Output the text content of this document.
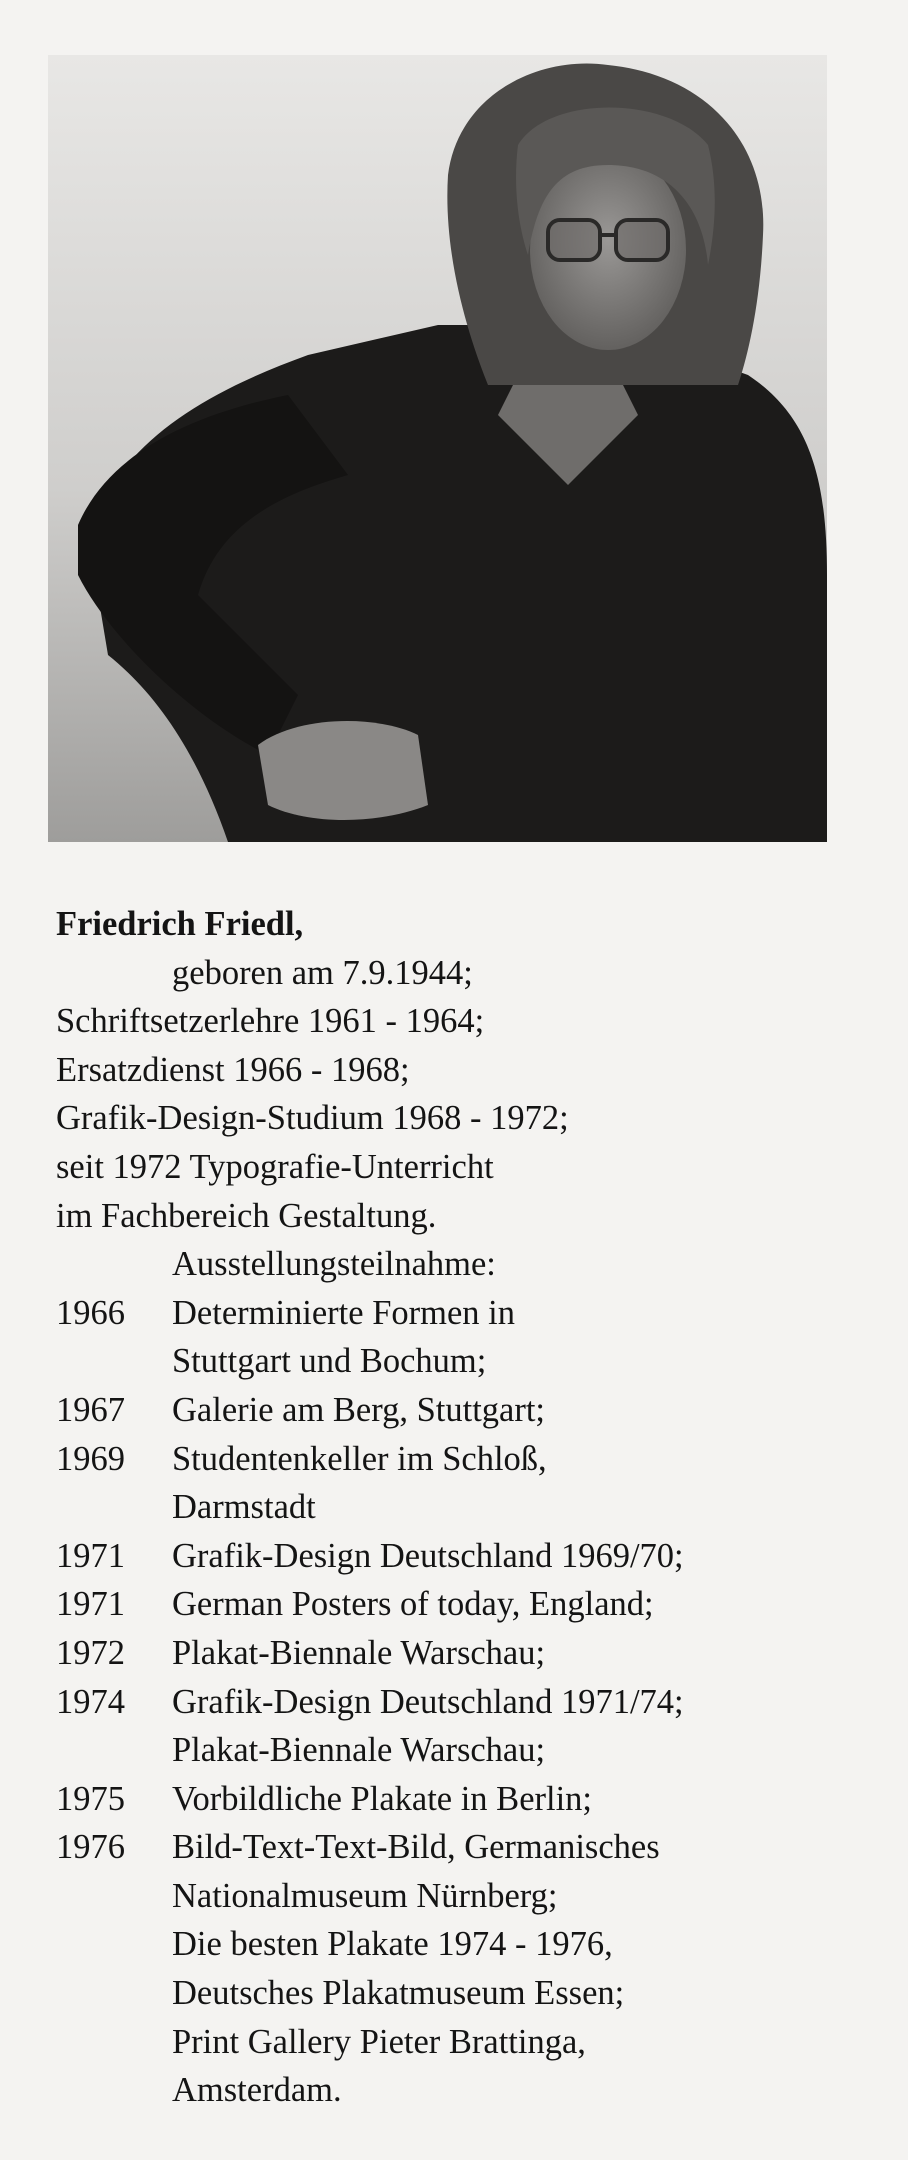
Friedrich Friedl,
geboren am 7.9.1944;
Schriftsetzerlehre 1961 - 1964;
Ersatzdienst 1966 - 1968;
Grafik-Design-Studium 1968 - 1972;
seit 1972 Typografie-Unterricht
im Fachbereich Gestaltung.
Ausstellungsteilnahme:
1966 Determinierte Formen in
Stuttgart und Bochum;
1967 Galerie am Berg, Stuttgart;
1969 Studentenkeller im Schloß,
Darmstadt
1971 Grafik-Design Deutschland 1969/70;
1971 German Posters of today, England;
1972 Plakat-Biennale Warschau;
1974 Grafik-Design Deutschland 1971/74;
Plakat-Biennale Warschau;
1975 Vorbildliche Plakate in Berlin;
1976 Bild-Text-Text-Bild, Germanisches
Nationalmuseum Nürnberg;
Die besten Plakate 1974 - 1976,
Deutsches Plakatmuseum Essen;
Print Gallery Pieter Brattinga,
Amsterdam.
